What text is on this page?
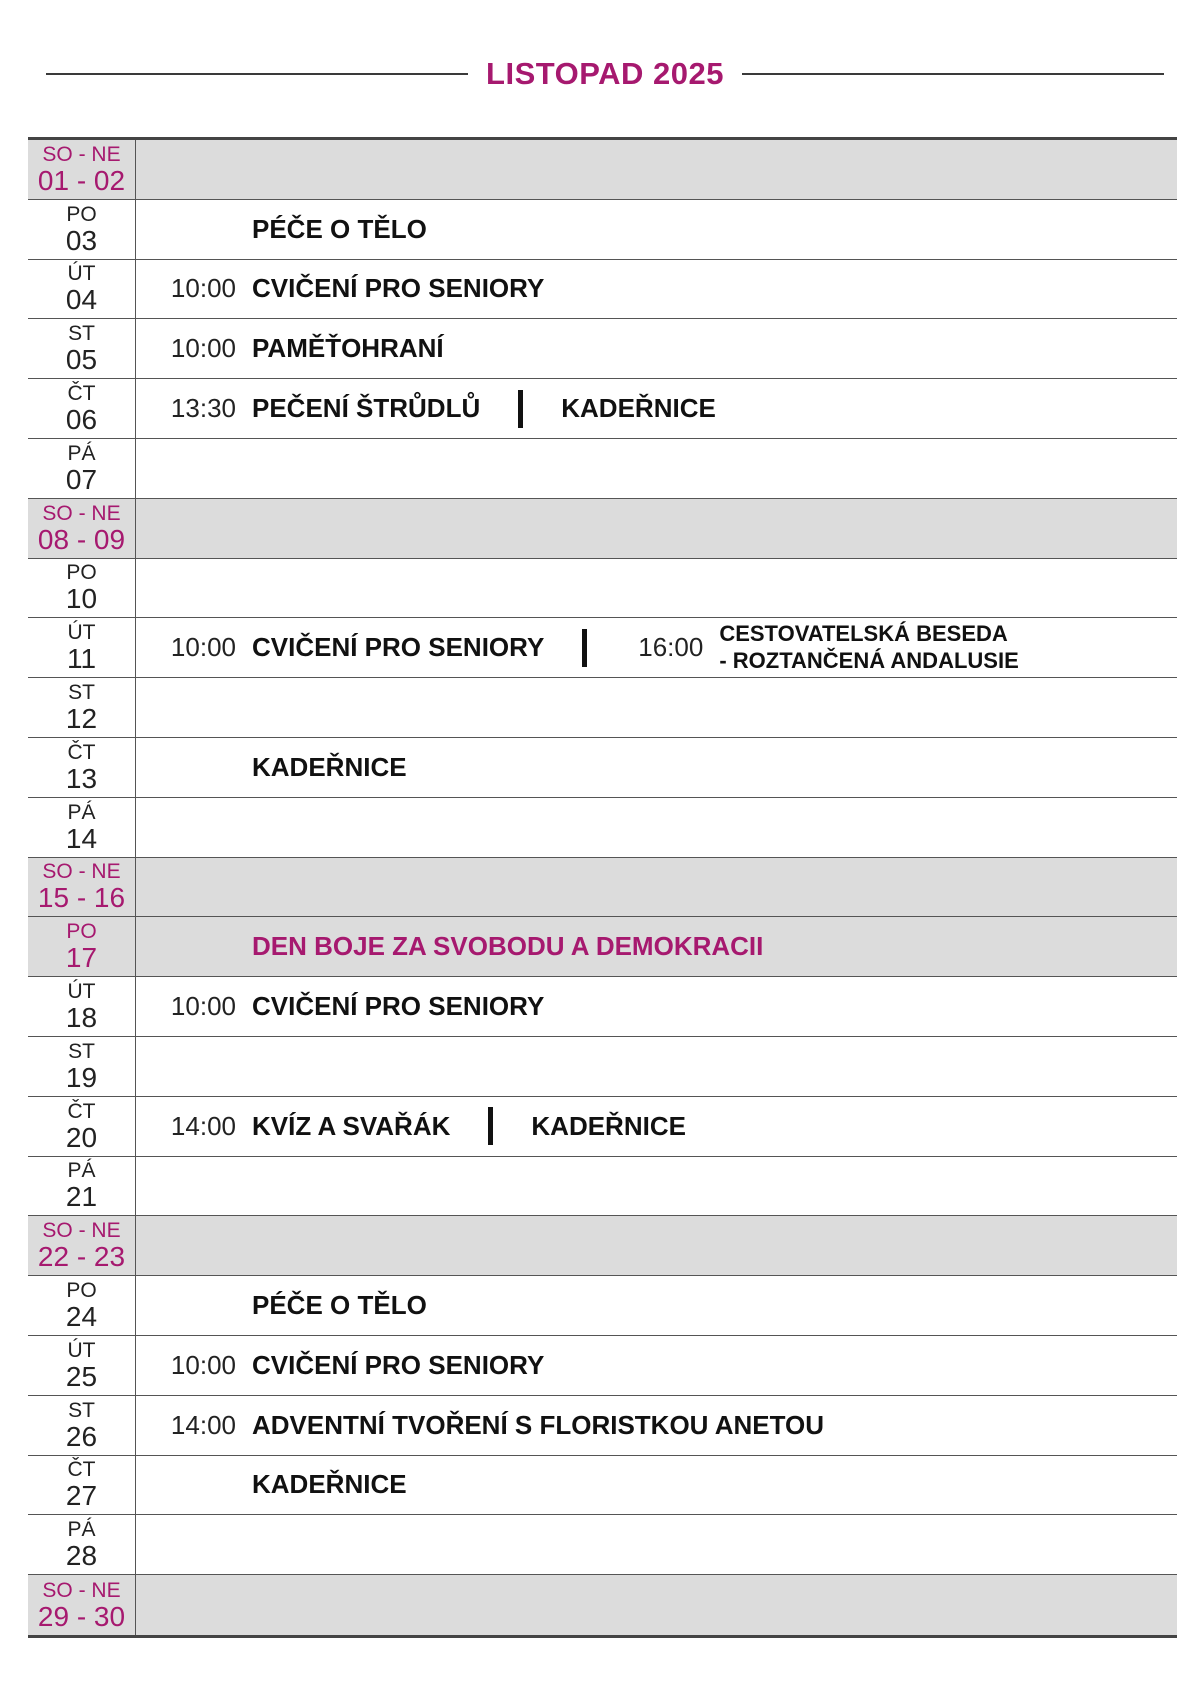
LISTOPAD 2025
SO - NE
01 - 02
PO
03	PÉČE O TĚLO
ÚT
04	10:00 CVIČENÍ PRO SENIORY
ST
05	10:00 PAMĚŤOHRANÍ
ČT
06	13:30 PEČENÍ ŠTRŮDLŮ	KADEŘNICE
PÁ
07
SO - NE
08 - 09
PO
10
ÚT
11	10:00 CVIČENÍ PRO SENIORY	16:00 CESTOVATELSKÁ BESEDA
- ROZTANČENÁ ANDALUSIE
ST
12
ČT
13	KADEŘNICE
PÁ
14
SO - NE
15 - 16
PO
17	DEN BOJE ZA SVOBODU A DEMOKRACII
ÚT
18	10:00 CVIČENÍ PRO SENIORY
ST
19
ČT
20	14:00 KVÍZ A SVAŘÁK	KADEŘNICE
PÁ
21
SO - NE
22 - 23
PO
24	PÉČE O TĚLO
ÚT
25	10:00 CVIČENÍ PRO SENIORY
ST
26	14:00 ADVENTNÍ TVOŘENÍ S FLORISTKOU ANETOU
ČT
27	KADEŘNICE
PÁ
28
SO - NE
29 - 30
